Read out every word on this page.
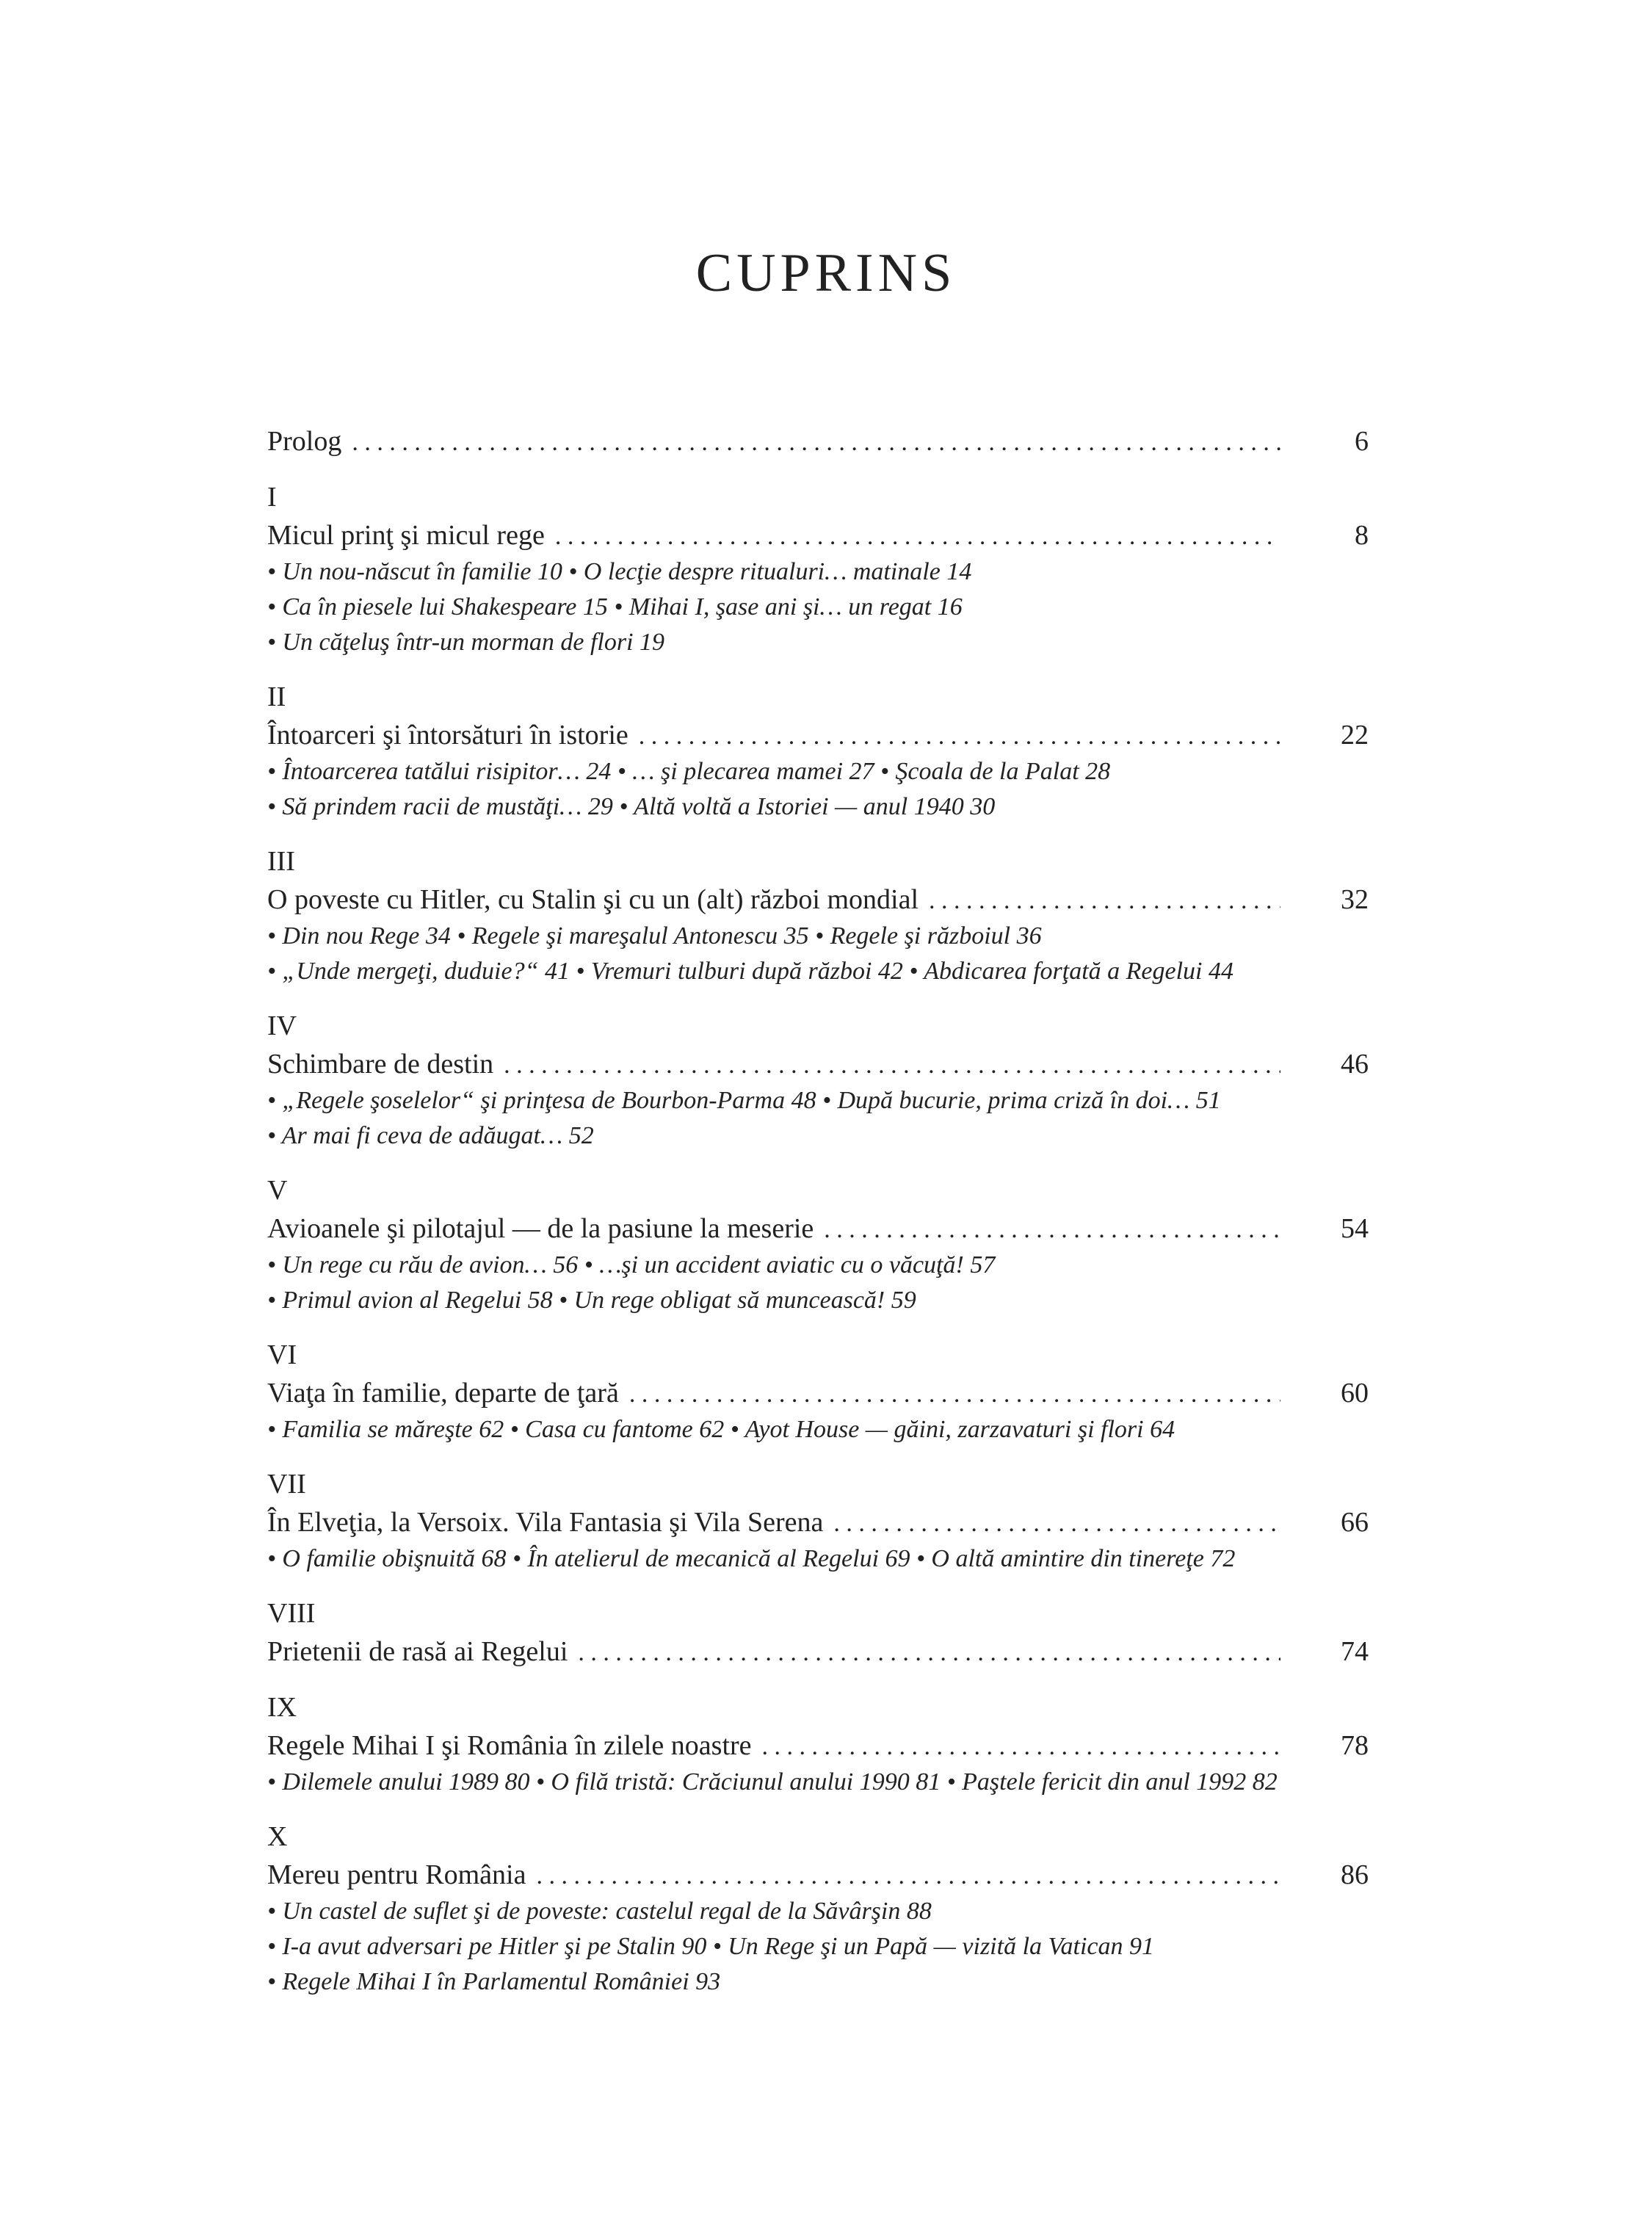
CUPRINS
Prolog . . .	6
I
Micul prinţ şi micul rege . . .	8
• Un nou-născut în familie 10 • O lecţie despre ritualuri… matinale 14
• Ca în piesele lui Shakespeare 15 • Mihai I, şase ani şi… un regat 16
• Un căţeluş într-un morman de flori 19
II
Întoarceri şi întorsături în istorie . . .	22
• Întoarcerea tatălui risipitor… 24 • … şi plecarea mamei 27 • Şcoala de la Palat 28
• Să prindem racii de mustăţi… 29 • Altă voltă a Istoriei — anul 1940 30
III
O poveste cu Hitler, cu Stalin şi cu un (alt) război mondial . . .	32
• Din nou Rege 34 • Regele şi mareşalul Antonescu 35 • Regele şi războiul 36
• „Unde mergeţi, duduie?“ 41 • Vremuri tulburi după război 42 • Abdicarea forţată a Regelui 44
IV
Schimbare de destin . . .	46
• „Regele şoselelor“ şi prinţesa de Bourbon-Parma 48 • După bucurie, prima criză în doi… 51
• Ar mai fi ceva de adăugat… 52
V
Avioanele şi pilotajul — de la pasiune la meserie . . .	54
• Un rege cu rău de avion… 56 • …şi un accident aviatic cu o văcuţă! 57
• Primul avion al Regelui 58 • Un rege obligat să muncească! 59
VI
Viaţa în familie, departe de ţară . . .	60
• Familia se măreşte 62 • Casa cu fantome 62 • Ayot House — găini, zarzavaturi şi flori 64
VII
În Elveţia, la Versoix. Vila Fantasia şi Vila Serena . . .	66
• O familie obişnuită 68 • În atelierul de mecanică al Regelui 69 • O altă amintire din tinereţe 72
VIII
Prietenii de rasă ai Regelui . . .	74
IX
Regele Mihai I şi România în zilele noastre . . .	78
• Dilemele anului 1989 80 • O filă tristă: Crăciunul anului 1990 81 • Paştele fericit din anul 1992 82
X
Mereu pentru România . . .	86
• Un castel de suflet şi de poveste: castelul regal de la Săvârşin 88
• I-a avut adversari pe Hitler şi pe Stalin 90 • Un Rege şi un Papă — vizită la Vatican 91
• Regele Mihai I în Parlamentul României 93
